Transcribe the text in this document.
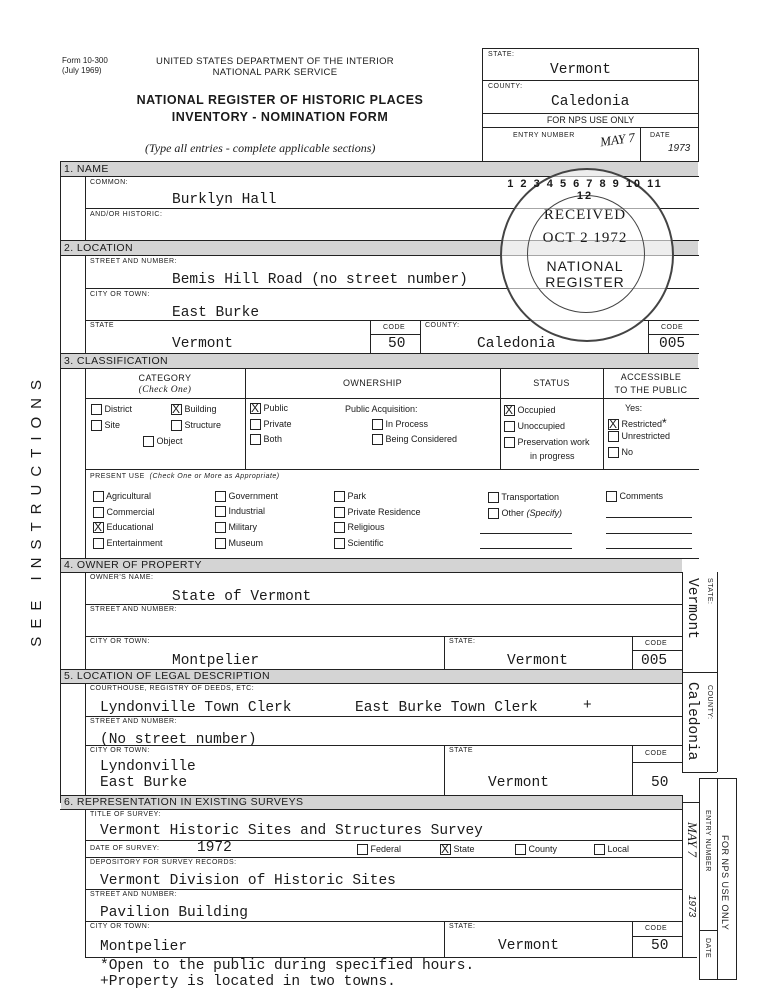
Form 10-300
(July 1969)
UNITED STATES DEPARTMENT OF THE INTERIOR
NATIONAL PARK SERVICE
NATIONAL REGISTER OF HISTORIC PLACES
INVENTORY - NOMINATION FORM
(Type all entries - complete applicable sections)
STATE:
Vermont
COUNTY:
Caledonia
FOR NPS USE ONLY
ENTRY NUMBER MAY 7 DATE
1973
1. NAME
COMMON:
Burklyn Hall
AND/OR HISTORIC:
2. LOCATION
STREET AND NUMBER:
Bemis Hill Road (no street number)
CITY OR TOWN:
East Burke
STATE
Vermont
CODE
50
COUNTY:
Caledonia
CODE
005
1 2 3 4 5 6 7 8 9 10 11 12
RECEIVED
OCT 2 1972
NATIONAL
REGISTER
3. CLASSIFICATION
CATEGORY
(Check One)
OWNERSHIP	STATUS
ACCESSIBLE
TO THE PUBLIC
District	X Building
Site	Structure
Object
X Public
Private
Both
Public Acquisition:
In Process
Being Considered
X Occupied
Unoccupied
Preservation work
in progress
Yes:
X Restricted*
Unrestricted
No
PRESENT USE (Check One or More as Appropriate)
Agricultural
Commercial
X Educational
Entertainment
Government
Industrial
Military
Museum
Park
Private Residence
Religious
Scientific
Transportation
Other (Specify)
Comments
4. OWNER OF PROPERTY
OWNER'S NAME:
State of Vermont
STREET AND NUMBER:
CITY OR TOWN:
Montpelier
STATE:
Vermont
CODE
005
5. LOCATION OF LEGAL DESCRIPTION
COURTHOUSE, REGISTRY OF DEEDS, ETC:
Lyndonville Town Clerk	East Burke Town Clerk	+
STREET AND NUMBER:
(No street number)
CITY OR TOWN:
Lyndonville
East Burke
STATE
Vermont
CODE
50
6. REPRESENTATION IN EXISTING SURVEYS
TITLE OF SURVEY:
Vermont Historic Sites and Structures Survey
DATE OF SURVEY:	1972	Federal	X State	County	Local
DEPOSITORY FOR SURVEY RECORDS:
Vermont Division of Historic Sites
STREET AND NUMBER:
Pavilion Building
CITY OR TOWN:
Montpelier
STATE:
Vermont
CODE
50
STATE:
Vermont
COUNTY:
Caledonia
FOR NPS USE ONLY
ENTRY NUMBER
MAY 7
1973
DATE
SEE INSTRUCTIONS
*Open to the public during specified hours.
+Property is located in two towns.
